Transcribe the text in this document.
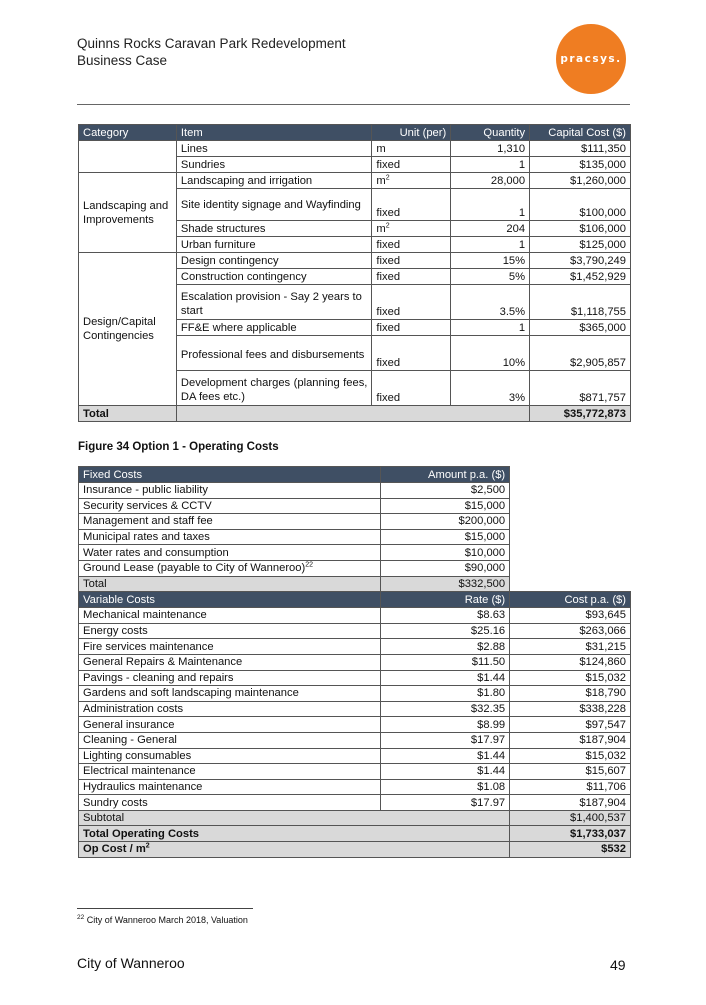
Quinns Rocks Caravan Park Redevelopment
Business Case	pracsys.
Category	Item	Unit (per)	Quantity	Capital Cost ($)
	Lines	m	1,310	$111,350
	Sundries	fixed	1	$135,000
Landscaping and Improvements	Landscaping and irrigation	$m^2$	28,000	$1,260,000
	Site identity signage and Wayfinding	fixed	1	$100,000
	Shade structures	$m^2$	204	$106,000
	Urban furniture	fixed	1	$125,000
Design/Capital Contingencies	Design contingency	fixed	15%	$3,790,249
	Construction contingency	fixed	5%	$1,452,929
	Escalation provision - Say 2 years to start	fixed	3.5%	$1,118,755
	FF&E where applicable	fixed	1	$365,000
	Professional fees and disbursements	fixed	10%	$2,905,857
	Development charges (planning fees, DA fees etc.)	fixed	3%	$871,757
Total				$35,772,873
Figure 34 Option 1 - Operating Costs
Fixed Costs	Amount p.a. ($)	
Insurance - public liability	$2,500	
Security services & CCTV	$15,000	
Management and staff fee	$200,000	
Municipal rates and taxes	$15,000	
Water rates and consumption	$10,000	
Ground Lease (payable to City of Wanneroo)$^{22}$	$90,000	
Total	$332,500	
Variable Costs	Rate ($)	Cost p.a. ($)
Mechanical maintenance	$8.63	$93,645
Energy costs	$25.16	$263,066
Fire services maintenance	$2.88	$31,215
General Repairs & Maintenance	$11.50	$124,860
Pavings - cleaning and repairs	$1.44	$15,032
Gardens and soft landscaping maintenance	$1.80	$18,790
Administration costs	$32.35	$338,228
General insurance	$8.99	$97,547
Cleaning - General	$17.97	$187,904
Lighting consumables	$1.44	$15,032
Electrical maintenance	$1.44	$15,607
Hydraulics maintenance	$1.08	$11,706
Sundry costs	$17.97	$187,904
Subtotal		$1,400,537
Total Operating Costs		$1,733,037
Op Cost / $m^2$		$532
$^{22}$ City of Wanneroo March 2018, Valuation
City of Wanneroo	49
